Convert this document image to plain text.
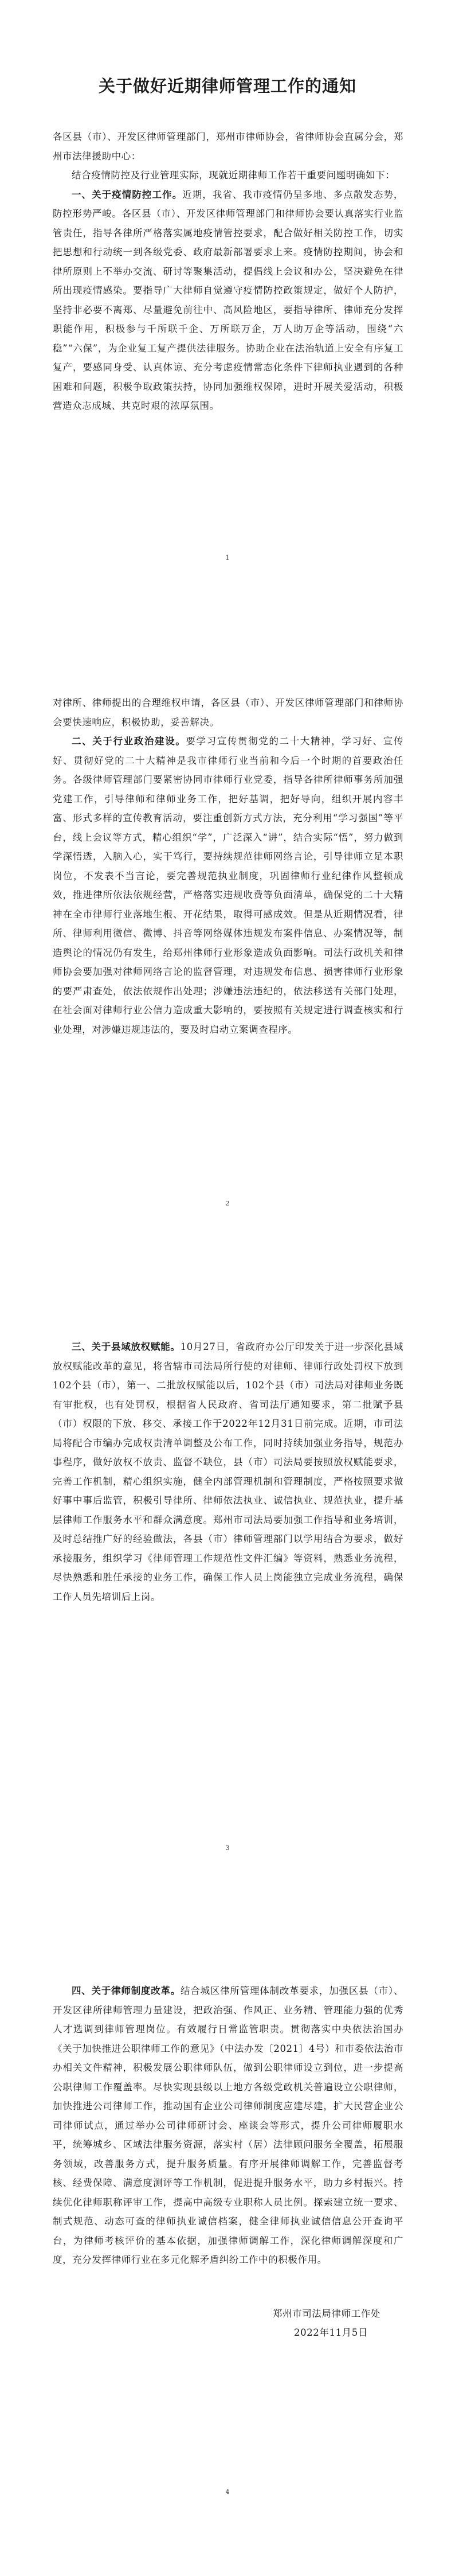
关于做好近期律师管理工作的通知

各区县（市）、开发区律师管理部门，郑州市律师协会，省律师协会直属分会，郑州市法律援助中心：

结合疫情防控及行业管理实际，现就近期律师工作若干重要问题明确如下：

一、关于疫情防控工作。近期，我省、我市疫情仍呈多地、多点散发态势，防控形势严峻。各区县（市）、开发区律师管理部门和律师协会要认真落实行业监管责任，指导各律所严格落实属地疫情管控要求，配合做好相关防控工作，切实把思想和行动统一到各级党委、政府最新部署要求上来。疫情防控期间，协会和律所原则上不举办交流、研讨等聚集活动，提倡线上会议和办公，坚决避免在律所出现疫情感染。要指导广大律师自觉遵守疫情防控政策规定，做好个人防护，坚持非必要不离郑、尽量避免前往中、高风险地区，要指导律所、律师充分发挥职能作用，积极参与千所联千企、万所联万企，万人助万企等活动，围绕“六稳”“六保”，为企业复工复产提供法律服务。协助企业在法治轨道上安全有序复工复产，要感同身受、认真体谅、充分考虑疫情常态化条件下律师执业遇到的各种困难和问题，积极争取政策扶持，协同加强维权保障，进时开展关爱活动，积极营造众志成城、共克时艰的浓厚氛围。

1

对律所、律师提出的合理维权申请，各区县（市）、开发区律师管理部门和律师协会要快速响应，积极协助，妥善解决。

二、关于行业政治建设。要学习宣传贯彻党的二十大精神，学习好、宣传好、贯彻好党的二十大精神是我市律师行业当前和今后一个时期的首要政治任务。各级律师管理部门要紧密协同市律师行业党委，指导各律所律师事务所加强党建工作，引导律师和律师业务工作，把好基调，把好导向，组织开展内容丰富、形式多样的宣传教育活动，要注重创新方式方法，充分利用“学习强国”等平台，线上会议等方式，精心组织“学”，广泛深入“讲”，结合实际“悟”，努力做到学深悟透，入脑入心，实干笃行，要持续规范律师网络言论，引导律师立足本职岗位，不发表不当言论，要完善规范执业制度，巩固律师行业纪律作风整顿成效，推进律所依法依规经营，严格落实违规收费等负面清单，确保党的二十大精神在全市律师行业落地生根、开花结果，取得可感成效。但是从近期情况看，律所、律师利用微信、微博、抖音等网络媒体违规发布案件信息、办案情况等，制造舆论的情况仍有发生，给郑州律师行业形象造成负面影响。司法行政机关和律师协会要加强对律师网络言论的监督管理，对违规发布信息、损害律师行业形象的要严肃查处，依法依规作出处理；涉嫌违法违纪的，依法移送有关部门处理，在社会面对律师行业公信力造成重大影响的，要按照有关规定进行调查核实和行业处理，对涉嫌违规违法的，要及时启动立案调查程序。

2

三、关于县域放权赋能。10月27日，省政府办公厅印发关于进一步深化县域放权赋能改革的意见，将省辖市司法局所行使的对律师、律师行政处罚权下放到102个县（市），第一、二批放权赋能以后，102个县（市）司法局对律师业务既有审批权，也有处罚权，根据省人民政府、省司法厅通知要求，第二批赋予县（市）权限的下放、移交、承接工作于2022年12月31日前完成。近期，市司法局将配合市编办完成权责清单调整及公布工作，同时持续加强业务指导，规范办事程序，做好放权不放责、监督不缺位，县（市）司法局要按照放权赋能要求，完善工作机制，精心组织实施，健全内部管理机制和管理制度，严格按照要求做好事中事后监管，积极引导律所、律师依法执业、诚信执业、规范执业，提升基层律师工作服务水平和群众满意度。郑州市司法局要加强工作指导和业务培训，及时总结推广好的经验做法，各县（市）律师管理部门以学用结合为要求，做好承接服务，组织学习《律师管理工作规范性文件汇编》等资料，熟悉业务流程，尽快熟悉和胜任承接的业务工作，确保工作人员上岗能独立完成业务流程，确保工作人员先培训后上岗。

3

四、关于律师制度改革。结合城区律所管理体制改革要求，加强区县（市）、开发区律所律师管理力量建设，把政治强、作风正、业务精、管理能力强的优秀人才选调到律师管理岗位。有效履行日常监管职责。贯彻落实中央依法治国办《关于加快推进公职律师工作的意见》（中法办发〔2021〕4号）和市委依法治市办相关文件精神，积极发展公职律师队伍，做到公职律师设立到位，进一步提高公职律师工作覆盖率。尽快实现县级以上地方各级党政机关普遍设立公职律师，加快推进公司律师工作，推动国有企业公司律师制度应建尽建，扩大民营企业公司律师试点，通过举办公司律师研讨会、座谈会等形式，提升公司律师履职水平，统筹城乡、区域法律服务资源，落实村（居）法律顾问服务全覆盖，拓展服务领域，改善服务方式，提升服务质量。有序开展律师调解工作，完善监督考核、经费保障、满意度测评等工作机制，促进提升服务水平，助力乡村振兴。持续优化律师职称评审工作，提高中高级专业职称人员比例。探索建立统一要求、制式规范、动态可查的律师执业诚信档案，健全律师执业诚信信息公开查询平台，为律师考核评价的基本依据，加强律师调解工作，深化律师调解深度和广度，充分发挥律师行业在多元化解矛盾纠纷工作中的积极作用。

郑州市司法局律师工作处

2022年11月5日

4
